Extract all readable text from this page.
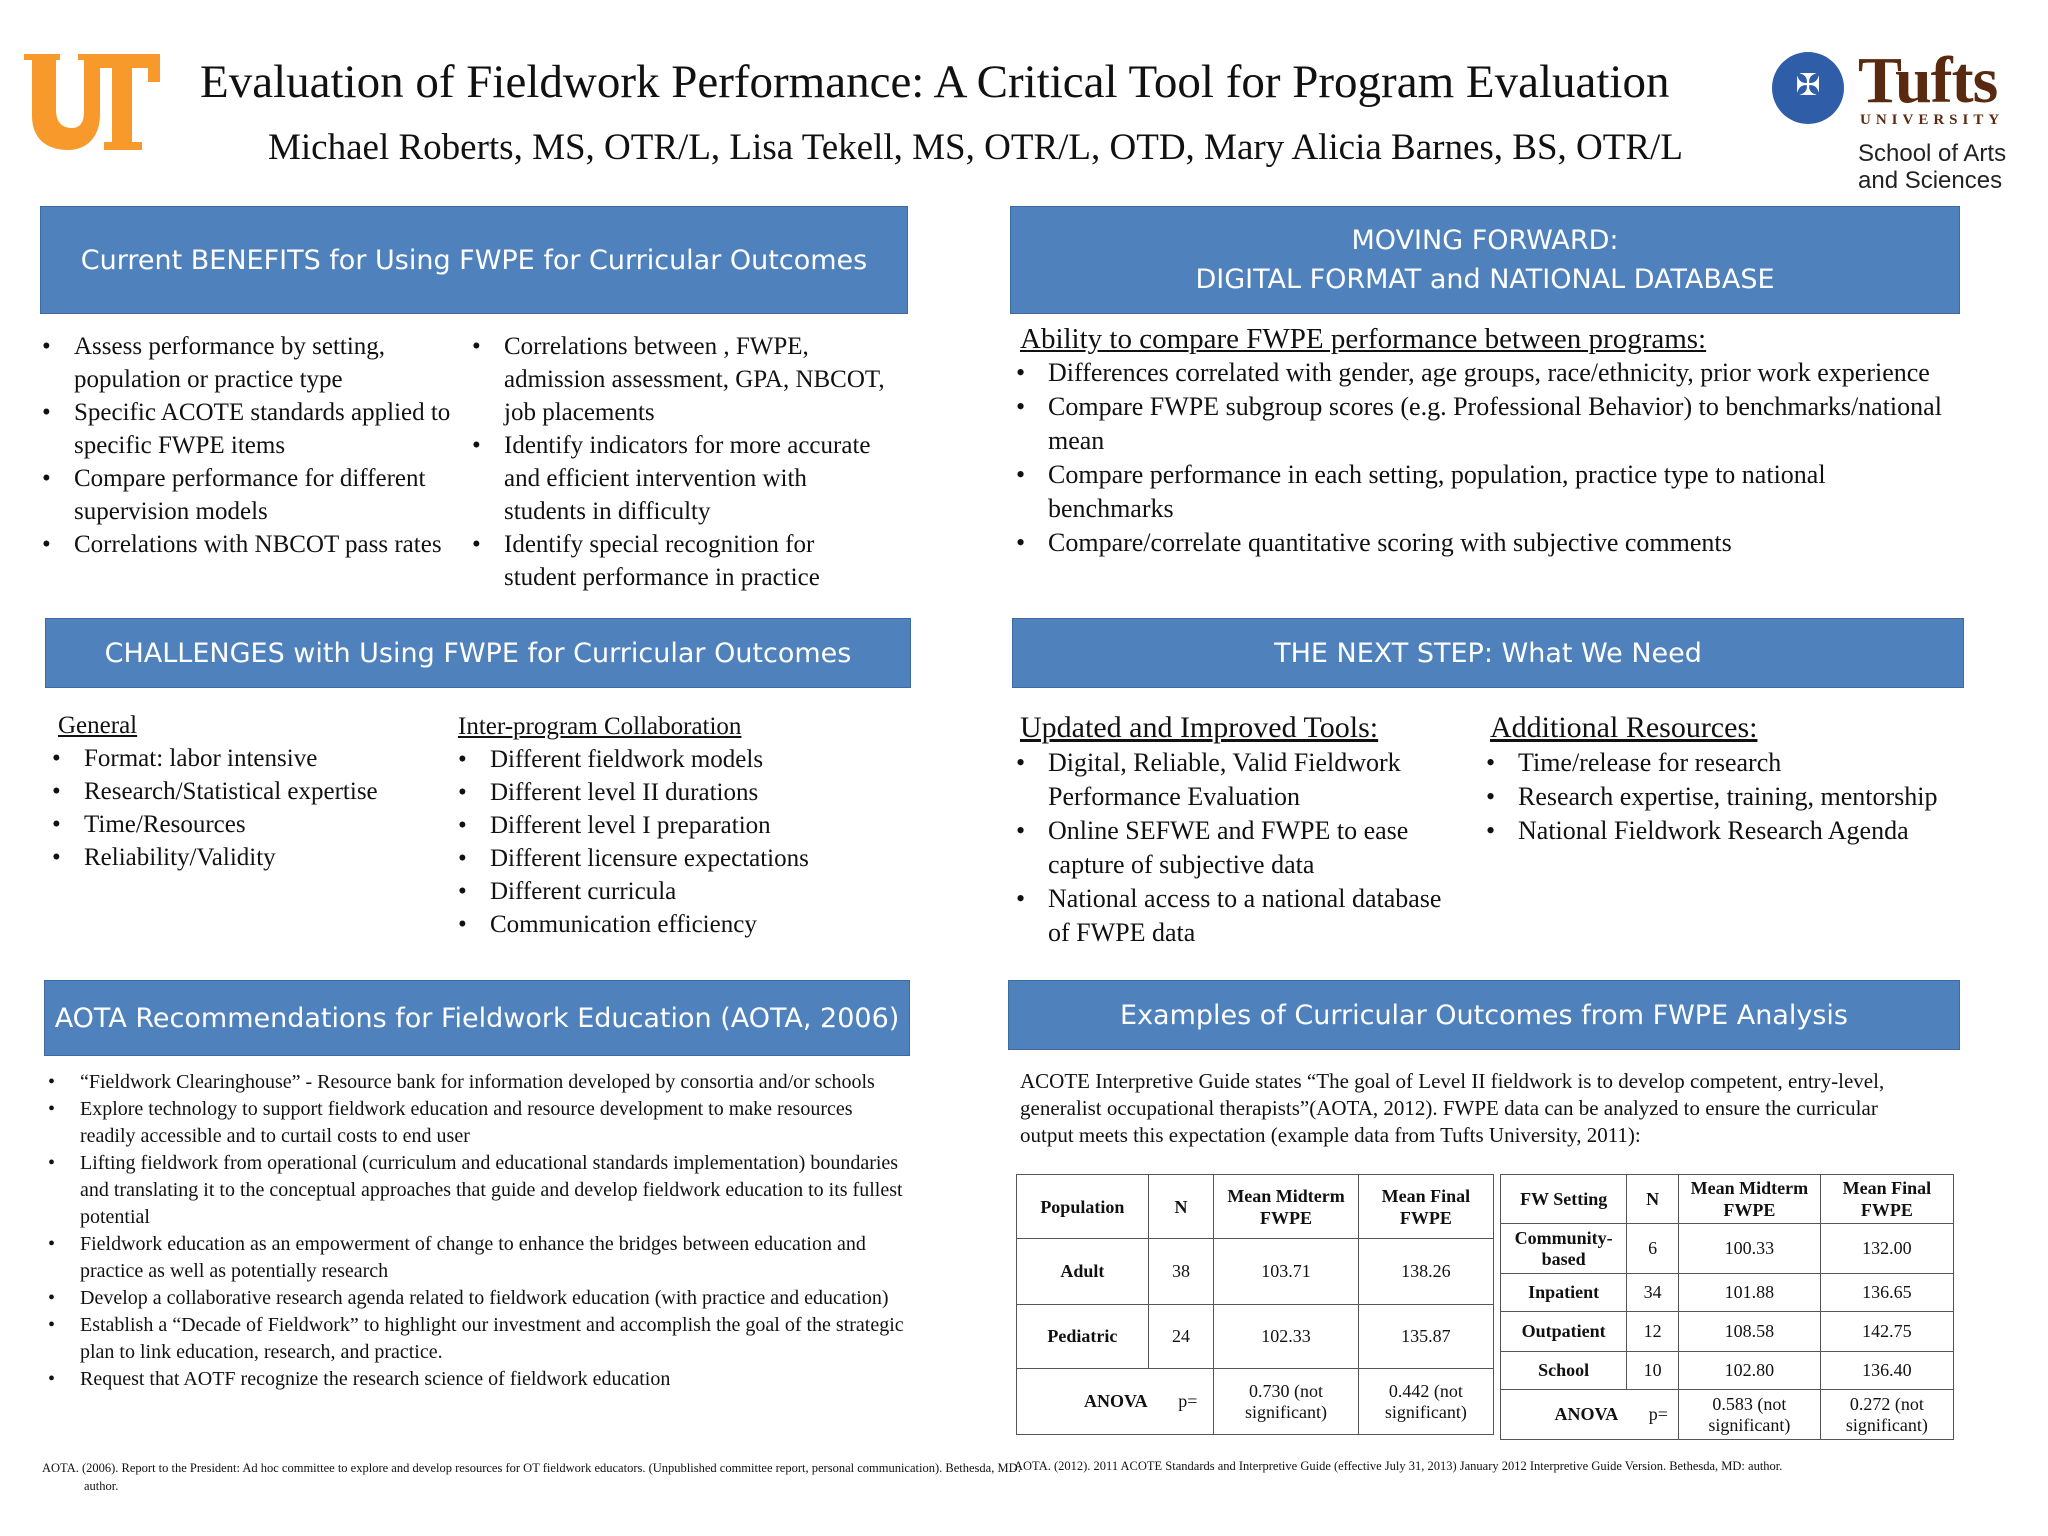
Evaluation of Fieldwork Performance: A Critical Tool for Program Evaluation
Michael Roberts, MS, OTR/L, Lisa Tekell, MS, OTR/L, OTD, Mary Alicia Barnes, BS, OTR/L
✠ Tufts
UNIVERSITY
School of Arts
and Sciences
Current BENEFITS for Using FWPE for Curricular Outcomes
• Assess performance by setting, population or practice type
• Specific ACOTE standards applied to specific FWPE items
• Compare performance for different supervision models
• Correlations with NBCOT pass rates
• Correlations between , FWPE, admission assessment, GPA, NBCOT, job placements
• Identify indicators for more accurate and efficient intervention with students in difficulty
• Identify special recognition for student performance in practice
MOVING FORWARD:
DIGITAL FORMAT and NATIONAL DATABASE
Ability to compare FWPE performance between programs:
• Differences correlated with gender, age groups, race/ethnicity, prior work experience
• Compare FWPE subgroup scores (e.g. Professional Behavior) to benchmarks/national mean
• Compare performance in each setting, population, practice type to national benchmarks
• Compare/correlate quantitative scoring with subjective comments
CHALLENGES with Using FWPE for Curricular Outcomes
General
• Format: labor intensive
• Research/Statistical expertise
• Time/Resources
• Reliability/Validity
Inter-program Collaboration
• Different fieldwork models
• Different level II durations
• Different level I preparation
• Different licensure expectations
• Different curricula
• Communication efficiency
THE NEXT STEP: What We Need
Updated and Improved Tools:
• Digital, Reliable, Valid Fieldwork Performance Evaluation
• Online SEFWE and FWPE to ease capture of subjective data
• National access to a national database of FWPE data
Additional Resources:
• Time/release for research
• Research expertise, training, mentorship
• National Fieldwork Research Agenda
AOTA Recommendations for Fieldwork Education (AOTA, 2006)
• “Fieldwork Clearinghouse” - Resource bank for information developed by consortia and/or schools
• Explore technology to support fieldwork education and resource development to make resources readily accessible and to curtail costs to end user
• Lifting fieldwork from operational (curriculum and educational standards implementation) boundaries and translating it to the conceptual approaches that guide and develop fieldwork education to its fullest potential
• Fieldwork education as an empowerment of change to enhance the bridges between education and practice as well as potentially research
• Develop a collaborative research agenda related to fieldwork education (with practice and education)
• Establish a “Decade of Fieldwork” to highlight our investment and accomplish the goal of the strategic plan to link education, research, and practice.
• Request that AOTF recognize the research science of fieldwork education
AOTA. (2006). Report to the President: Ad hoc committee to explore and develop resources for OT fieldwork educators. (Unpublished committee report, personal communication). Bethesda, MD: author.
Examples of Curricular Outcomes from FWPE Analysis
ACOTE Interpretive Guide states “The goal of Level II fieldwork is to develop competent, entry-level, generalist occupational therapists”(AOTA, 2012). FWPE data can be analyzed to ensure the curricular output meets this expectation (example data from Tufts University, 2011):
Population	N	Mean Midterm FWPE	Mean Final FWPE
Adult	38	103.71	138.26
Pediatric	24	102.33	135.87
ANOVA p=		0.730 (not significant)	0.442 (not significant)
FW Setting	N	Mean Midterm FWPE	Mean Final FWPE
Community-based	6	100.33	132.00
Inpatient	34	101.88	136.65
Outpatient	12	108.58	142.75
School	10	102.80	136.40
ANOVA p=		0.583 (not significant)	0.272 (not significant)
AOTA. (2012). 2011 ACOTE Standards and Interpretive Guide (effective July 31, 2013) January 2012 Interpretive Guide Version. Bethesda, MD: author.
